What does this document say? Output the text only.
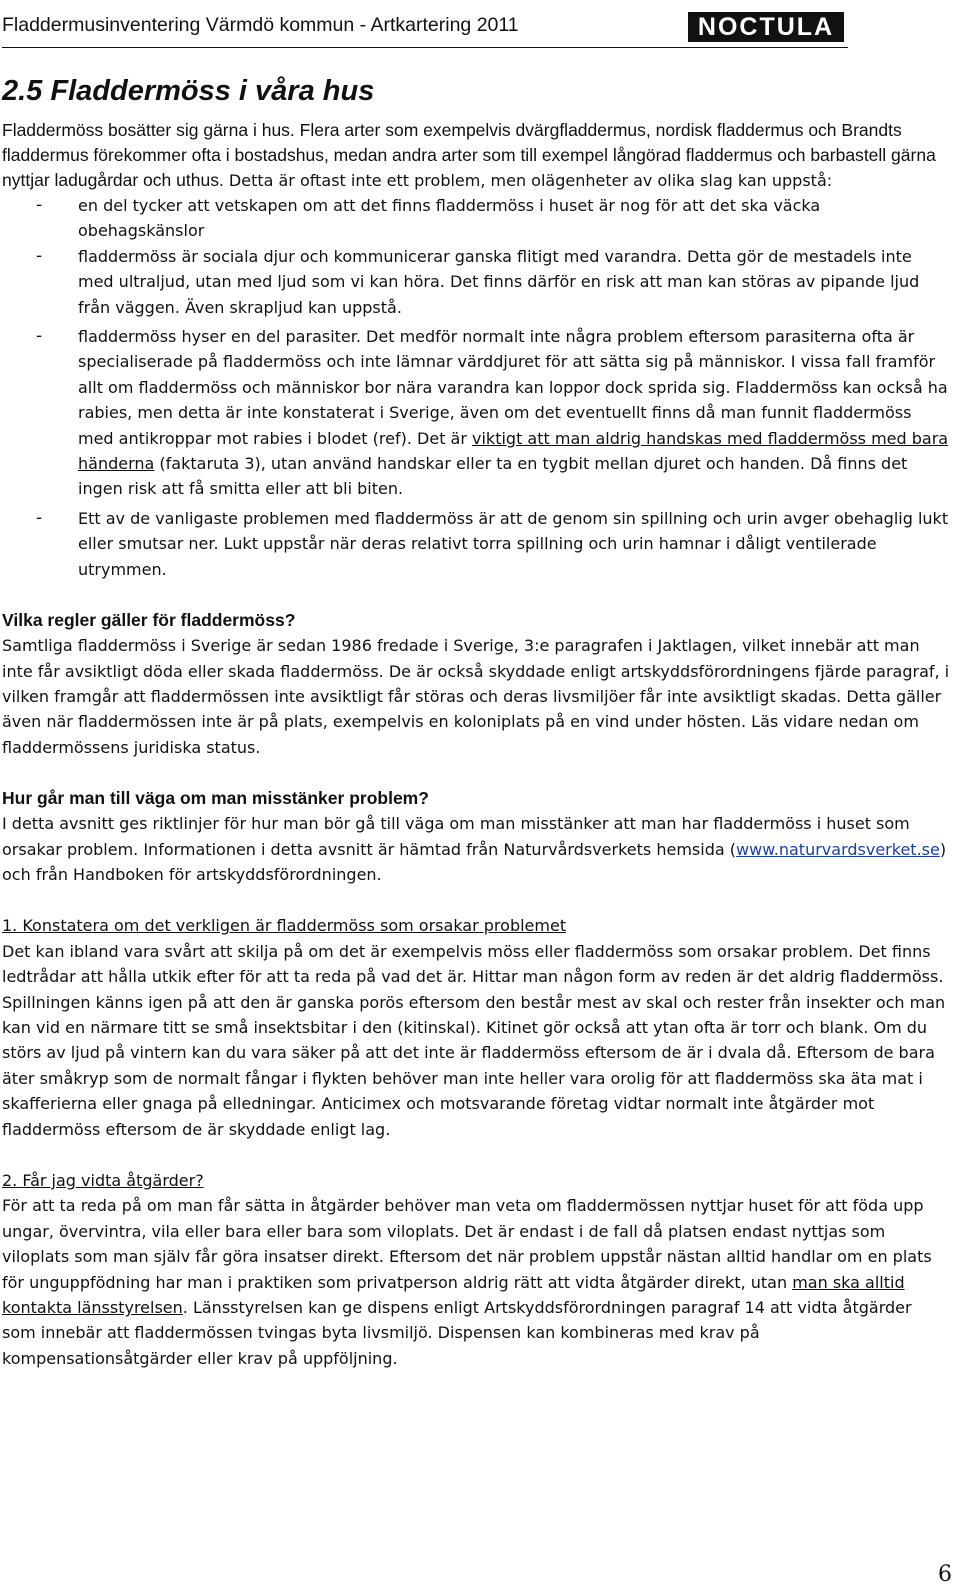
Fladdermusinventering Värmdö kommun - Artkartering 2011	NOCTULA
2.5 Fladdermöss i våra hus

Fladdermöss bosätter sig gärna i hus. Flera arter som exempelvis dvärgfladdermus, nordisk fladdermus och Brandts fladdermus förekommer ofta i bostadshus, medan andra arter som till exempel långörad fladdermus och barbastell gärna nyttjar ladugårdar och uthus. Detta är oftast inte ett problem, men olägenheter av olika slag kan uppstå:

- en del tycker att vetskapen om att det finns fladdermöss i huset är nog för att det ska väcka obehagskänslor
- fladdermöss är sociala djur och kommunicerar ganska flitigt med varandra. Detta gör de mestadels inte med ultraljud, utan med ljud som vi kan höra. Det finns därför en risk att man kan störas av pipande ljud från väggen. Även skrapljud kan uppstå.
- fladdermöss hyser en del parasiter. Det medför normalt inte några problem eftersom parasiterna ofta är specialiserade på fladdermöss och inte lämnar värddjuret för att sätta sig på människor. I vissa fall framför allt om fladdermöss och människor bor nära varandra kan loppor dock sprida sig. Fladdermöss kan också ha rabies, men detta är inte konstaterat i Sverige, även om det eventuellt finns då man funnit fladdermöss med antikroppar mot rabies i blodet (ref). Det är viktigt att man aldrig handskas med fladdermöss med bara händerna (faktaruta 3), utan använd handskar eller ta en tygbit mellan djuret och handen. Då finns det ingen risk att få smitta eller att bli biten.
- Ett av de vanligaste problemen med fladdermöss är att de genom sin spillning och urin avger obehaglig lukt eller smutsar ner. Lukt uppstår när deras relativt torra spillning och urin hamnar i dåligt ventilerade utrymmen.
Vilka regler gäller för fladdermöss?

Samtliga fladdermöss i Sverige är sedan 1986 fredade i Sverige, 3:e paragrafen i Jaktlagen, vilket innebär att man inte får avsiktligt döda eller skada fladdermöss. De är också skyddade enligt artskyddsförordningens fjärde paragraf, i vilken framgår att fladdermössen inte avsiktligt får störas och deras livsmiljöer får inte avsiktligt skadas. Detta gäller även när fladdermössen inte är på plats, exempelvis en koloniplats på en vind under hösten. Läs vidare nedan om fladdermössens juridiska status.

Hur går man till väga om man misstänker problem?

I detta avsnitt ges riktlinjer för hur man bör gå till väga om man misstänker att man har fladdermöss i huset som orsakar problem. Informationen i detta avsnitt är hämtad från Naturvårdsverkets hemsida (www.naturvardsverket.se) och från Handboken för artskyddsförordningen.

1. Konstatera om det verkligen är fladdermöss som orsakar problemet

Det kan ibland vara svårt att skilja på om det är exempelvis möss eller fladdermöss som orsakar problem. Det finns ledtrådar att hålla utkik efter för att ta reda på vad det är. Hittar man någon form av reden är det aldrig fladdermöss. Spillningen känns igen på att den är ganska porös eftersom den består mest av skal och rester från insekter och man kan vid en närmare titt se små insektsbitar i den (kitinskal). Kitinet gör också att ytan ofta är torr och blank. Om du störs av ljud på vintern kan du vara säker på att det inte är fladdermöss eftersom de är i dvala då. Eftersom de bara äter småkryp som de normalt fångar i flykten behöver man inte heller vara orolig för att fladdermöss ska äta mat i skafferierna eller gnaga på elledningar. Anticimex och motsvarande företag vidtar normalt inte åtgärder mot fladdermöss eftersom de är skyddade enligt lag.

2. Får jag vidta åtgärder?

För att ta reda på om man får sätta in åtgärder behöver man veta om fladdermössen nyttjar huset för att föda upp ungar, övervintra, vila eller bara eller bara som viloplats. Det är endast i de fall då platsen endast nyttjas som viloplats som man själv får göra insatser direkt. Eftersom det när problem uppstår nästan alltid handlar om en plats för unguppfödning har man i praktiken som privatperson aldrig rätt att vidta åtgärder direkt, utan man ska alltid kontakta länsstyrelsen. Länsstyrelsen kan ge dispens enligt Artskyddsförordningen paragraf 14 att vidta åtgärder som innebär att fladdermössen tvingas byta livsmiljö. Dispensen kan kombineras med krav på kompensationsåtgärder eller krav på uppföljning.

6
